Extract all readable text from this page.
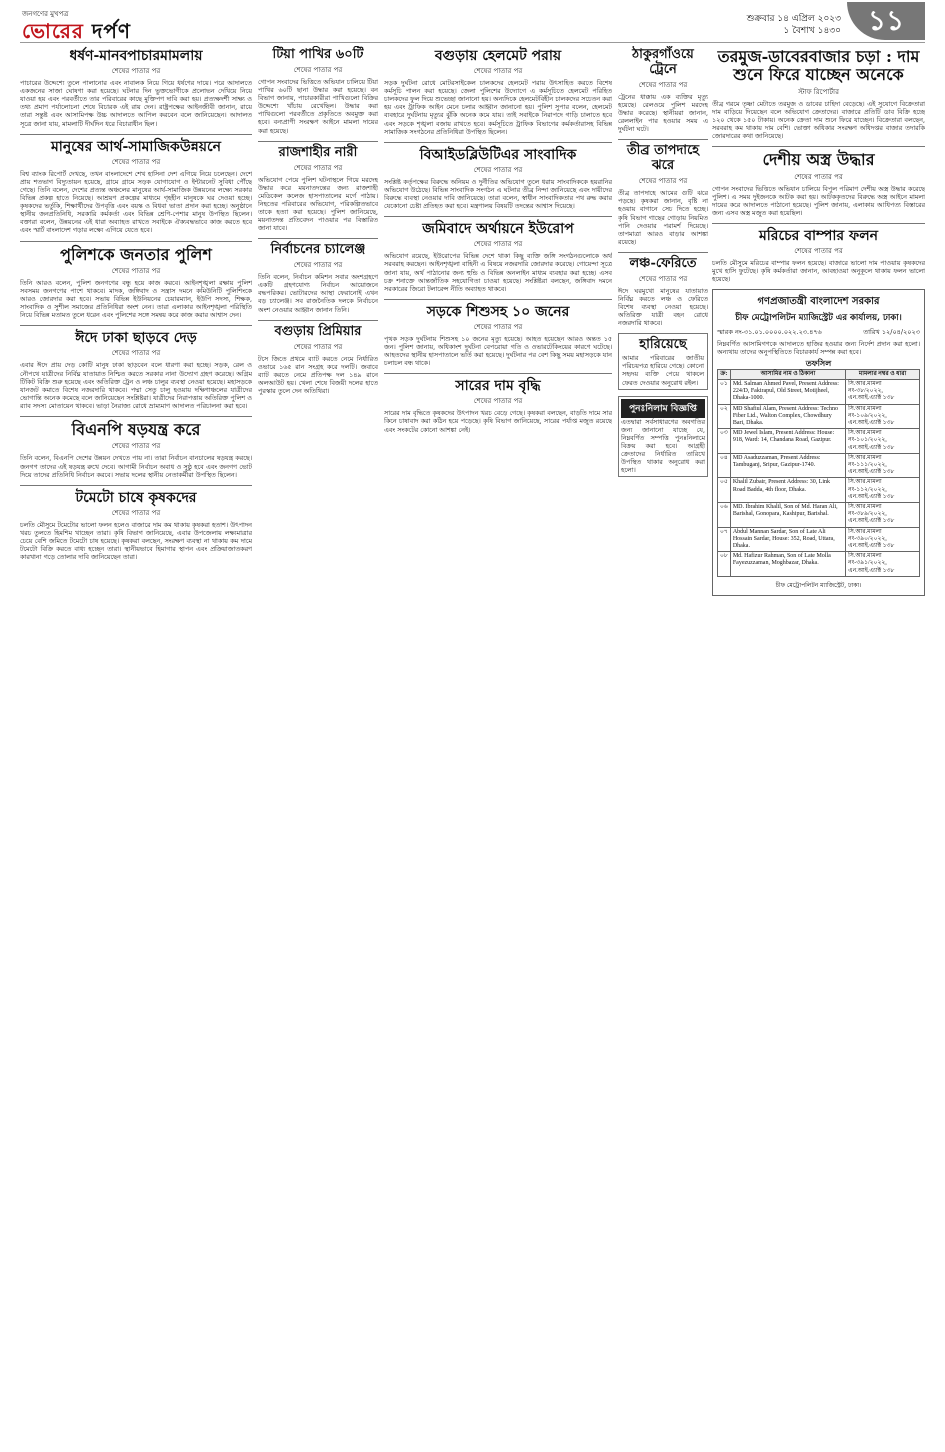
জনগণের মুখপত্র
ভোরের দর্পণ	শুক্রবার ১৪ এপ্রিল ২০২৩
১ বৈশাখ ১৪৩০ ১১
ধর্ষণ-মানবপাচারমামলায়
শেষের পাতার পর
পাচারের উদ্দেশ্যে তুলে পালানোর এবং নাবালক নিয়ে গিয়ে ধর্ষণের দায়ে। পরে আদালতে একজনের সাজা ঘোষণা করা হয়েছে। ঘটনার দিন ভুক্তভোগীকে প্রলোভন দেখিয়ে নিয়ে যাওয়া হয় এবং পরবর্তীতে তার পরিবারের কাছে মুক্তিপণ দাবি করা হয়। প্রত্যক্ষদর্শী সাক্ষ্য ও তথ্য প্রমাণ পর্যালোচনা শেষে বিচারক এই রায় দেন। রাষ্ট্রপক্ষের আইনজীবী জানান, রায়ে তারা সন্তুষ্ট এবং আসামিপক্ষ উচ্চ আদালতে আপিল করবেন বলে জানিয়েছেন। আদালত সূত্রে জানা যায়, মামলাটি দীর্ঘদিন ধরে বিচারাধীন ছিল।
মানুষের আর্থ-সামাজিকউন্নয়নে
শেষের পাতার পর
বিশ্ব ব্যাংক রিপোর্ট দেখছে, তখন বাংলাদেশে শেখ হাসিনা দেশ এগিয়ে নিয়ে চলেছেন। দেশে প্রায় শতভাগ বিদ্যুতায়ন হয়েছে, গ্রামে গ্রামে সড়ক যোগাযোগ ও ইন্টারনেট সুবিধা পৌঁছে গেছে। তিনি বলেন, দেশের প্রত্যন্ত অঞ্চলের মানুষের আর্থ-সামাজিক উন্নয়নের লক্ষ্যে সরকার বিভিন্ন প্রকল্প হাতে নিয়েছে। আশ্রয়ণ প্রকল্পের মাধ্যমে গৃহহীন মানুষকে ঘর দেওয়া হচ্ছে। কৃষকদের ভর্তুকি, শিক্ষার্থীদের উপবৃত্তি এবং বয়স্ক ও বিধবা ভাতা প্রদান করা হচ্ছে। অনুষ্ঠানে স্থানীয় জনপ্রতিনিধি, সরকারি কর্মকর্তা এবং বিভিন্ন শ্রেণি-পেশার মানুষ উপস্থিত ছিলেন। বক্তারা বলেন, উন্নয়নের এই ধারা অব্যাহত রাখতে সবাইকে ঐক্যবদ্ধভাবে কাজ করতে হবে এবং স্মার্ট বাংলাদেশ গড়ার লক্ষ্যে এগিয়ে যেতে হবে।
পুলিশকে জনতার পুলিশ
শেষের পাতার পর
তিনি আরও বলেন, পুলিশ জনগণের বন্ধু হয়ে কাজ করবে। আইনশৃঙ্খলা রক্ষায় পুলিশ সবসময় জনগণের পাশে থাকবে। মাদক, জঙ্গিবাদ ও সন্ত্রাস দমনে কমিউনিটি পুলিশিংকে আরও জোরদার করা হবে। সভায় বিভিন্ন ইউনিয়নের চেয়ারম্যান, ইউপি সদস্য, শিক্ষক, সাংবাদিক ও সুশীল সমাজের প্রতিনিধিরা অংশ নেন। তারা এলাকার আইনশৃঙ্খলা পরিস্থিতি নিয়ে বিভিন্ন মতামত তুলে ধরেন এবং পুলিশের সঙ্গে সমন্বয় করে কাজ করার আশ্বাস দেন।
ঈদে ঢাকা ছাড়বে দেড়
শেষের পাতার পর
এবার ঈদে প্রায় দেড় কোটি মানুষ ঢাকা ছাড়বেন বলে ধারণা করা হচ্ছে। সড়ক, রেল ও নৌপথে যাত্রীদের নির্বিঘ্ন যাতায়াত নিশ্চিত করতে সরকার নানা উদ্যোগ গ্রহণ করেছে। অগ্রিম টিকিট বিক্রি শুরু হয়েছে এবং অতিরিক্ত ট্রেন ও লঞ্চ চালুর ব্যবস্থা নেওয়া হয়েছে। মহাসড়কে যানজট কমাতে বিশেষ নজরদারি থাকবে। পদ্মা সেতু চালু হওয়ায় দক্ষিণাঞ্চলের যাত্রীদের ভোগান্তি অনেক কমেছে বলে জানিয়েছেন সংশ্লিষ্টরা। যাত্রীদের নিরাপত্তায় অতিরিক্ত পুলিশ ও র‍্যাব সদস্য মোতায়েন থাকবে। ভাড়া নৈরাজ্য রোধে ভ্রাম্যমাণ আদালত পরিচালনা করা হবে।
বিএনপি ষড়যন্ত্র করে
শেষের পাতার পর
তিনি বলেন, বিএনপি দেশের উন্নয়ন দেখতে পায় না। তারা নির্বাচন বানচালের ষড়যন্ত্র করছে। জনগণ তাদের এই ষড়যন্ত্র রুখে দেবে। আগামী নির্বাচন অবাধ ও সুষ্ঠু হবে এবং জনগণ ভোট দিয়ে তাদের প্রতিনিধি নির্বাচন করবে। সভায় দলের স্থানীয় নেতাকর্মীরা উপস্থিত ছিলেন।
টমেটো চাষে কৃষকদের
শেষের পাতার পর
চলতি মৌসুমে টমেটোর ভালো ফলন হলেও বাজারে দাম কম থাকায় কৃষকরা হতাশ। উৎপাদন খরচ তুলতে হিমশিম খাচ্ছেন তারা। কৃষি বিভাগ জানিয়েছে, এবার উপজেলায় লক্ষ্যমাত্রার চেয়ে বেশি জমিতে টমেটো চাষ হয়েছে। কৃষকরা বলছেন, সংরক্ষণ ব্যবস্থা না থাকায় কম দামে টমেটো বিক্রি করতে বাধ্য হচ্ছেন তারা। স্থানীয়ভাবে হিমাগার স্থাপন এবং প্রক্রিয়াজাতকরণ কারখানা গড়ে তোলার দাবি জানিয়েছেন তারা।
টিয়া পাখির ৬০টি
শেষের পাতার পর
গোপন সংবাদের ভিত্তিতে অভিযান চালিয়ে টিয়া পাখির ৬০টি ছানা উদ্ধার করা হয়েছে। বন বিভাগ জানায়, পাচারকারীরা পাখিগুলো বিক্রির উদ্দেশ্যে খাঁচায় রেখেছিল। উদ্ধার করা পাখিগুলো পরবর্তীতে প্রকৃতিতে অবমুক্ত করা হবে। বন্যপ্রাণী সংরক্ষণ আইনে মামলা দায়ের করা হয়েছে।
রাজশাহীর নারী
শেষের পাতার পর
অভিযোগ পেয়ে পুলিশ ঘটনাস্থলে গিয়ে মরদেহ উদ্ধার করে ময়নাতদন্তের জন্য রাজশাহী মেডিকেল কলেজ হাসপাতালের মর্গে পাঠায়। নিহতের পরিবারের অভিযোগ, পরিকল্পিতভাবে তাকে হত্যা করা হয়েছে। পুলিশ জানিয়েছে, ময়নাতদন্ত প্রতিবেদন পাওয়ার পর বিস্তারিত জানা যাবে।
নির্বাচনের চ্যালেঞ্জ
শেষের পাতার পর
তিনি বলেন, নির্বাচন কমিশন সবার অংশগ্রহণে একটি গ্রহণযোগ্য নির্বাচন আয়োজনে বদ্ধপরিকর। ভোটারদের আস্থা ফেরানোই এখন বড় চ্যালেঞ্জ। সব রাজনৈতিক দলকে নির্বাচনে অংশ নেওয়ার আহ্বান জানান তিনি।
বগুড়ায় প্রিমিয়ার
শেষের পাতার পর
টসে জিতে প্রথমে ব্যাট করতে নেমে নির্ধারিত ওভারে ১৬৫ রান সংগ্রহ করে দলটি। জবাবে ব্যাট করতে নেমে প্রতিপক্ষ দল ১৪৯ রানে অলআউট হয়। খেলা শেষে বিজয়ী দলের হাতে পুরস্কার তুলে দেন অতিথিরা।
বগুড়ায় হেলমেট পরায়
শেষের পাতার পর
সড়ক দুর্ঘটনা রোধে মোটরসাইকেল চালকদের হেলমেট পরায় উৎসাহিত করতে বিশেষ কর্মসূচি পালন করা হয়েছে। জেলা পুলিশের উদ্যোগে এ কর্মসূচিতে হেলমেট পরিহিত চালকদের ফুল দিয়ে শুভেচ্ছা জানানো হয়। অন্যদিকে হেলমেটবিহীন চালকদের সচেতন করা হয় এবং ট্রাফিক আইন মেনে চলার আহ্বান জানানো হয়। পুলিশ সুপার বলেন, হেলমেট ব্যবহারে দুর্ঘটনায় মৃত্যুর ঝুঁকি অনেক কমে যায়। তাই সবাইকে নিরাপদে গাড়ি চালাতে হবে এবং সড়কে শৃঙ্খলা বজায় রাখতে হবে। কর্মসূচিতে ট্রাফিক বিভাগের কর্মকর্তারাসহ বিভিন্ন সামাজিক সংগঠনের প্রতিনিধিরা উপস্থিত ছিলেন।
বিআইডব্লিউটিএর সাংবাদিক
শেষের পাতার পর
সংশ্লিষ্ট কর্তৃপক্ষের বিরুদ্ধে অনিয়ম ও দুর্নীতির অভিযোগ তুলে ধরায় সাংবাদিককে হয়রানির অভিযোগ উঠেছে। বিভিন্ন সাংবাদিক সংগঠন এ ঘটনার তীব্র নিন্দা জানিয়েছে এবং দায়ীদের বিরুদ্ধে ব্যবস্থা নেওয়ার দাবি জানিয়েছে। তারা বলেন, স্বাধীন সাংবাদিকতার পথ রুদ্ধ করার যেকোনো চেষ্টা প্রতিহত করা হবে। মন্ত্রণালয় বিষয়টি তদন্তের আশ্বাস দিয়েছে।
জমিবাদে অর্থায়নে ইউরোপ
শেষের পাতার পর
অভিযোগ রয়েছে, ইউরোপের বিভিন্ন দেশে থাকা কিছু ব্যক্তি জঙ্গি সংগঠনগুলোকে অর্থ সরবরাহ করছেন। আইনশৃঙ্খলা বাহিনী এ বিষয়ে নজরদারি জোরদার করেছে। গোয়েন্দা সূত্রে জানা যায়, অর্থ পাঠানোর জন্য হুন্ডি ও বিভিন্ন অনলাইন মাধ্যম ব্যবহার করা হচ্ছে। এসব চক্র শনাক্তে আন্তর্জাতিক সহযোগিতা চাওয়া হয়েছে। সংশ্লিষ্টরা বলছেন, জঙ্গিবাদ দমনে সরকারের জিরো টলারেন্স নীতি অব্যাহত থাকবে।
সড়কে শিশুসহ ১০ জনের
শেষের পাতার পর
পৃথক সড়ক দুর্ঘটনায় শিশুসহ ১০ জনের মৃত্যু হয়েছে। আহত হয়েছেন আরও অন্তত ১৫ জন। পুলিশ জানায়, অধিকাংশ দুর্ঘটনা বেপরোয়া গতি ও ওভারটেকিংয়ের কারণে ঘটেছে। আহতদের স্থানীয় হাসপাতালে ভর্তি করা হয়েছে। দুর্ঘটনার পর বেশ কিছু সময় মহাসড়কে যান চলাচল বন্ধ থাকে।
সারের দাম বৃদ্ধি
শেষের পাতার পর
সারের দাম বৃদ্ধিতে কৃষকদের উৎপাদন খরচ বেড়ে গেছে। কৃষকরা বলছেন, বাড়তি দামে সার কিনে চাষাবাদ করা কঠিন হয়ে পড়েছে। কৃষি বিভাগ জানিয়েছে, সারের পর্যাপ্ত মজুত রয়েছে এবং সংকটের কোনো আশঙ্কা নেই।
ঠাকুরগাঁওয়ে ট্রেনে
শেষের পাতার পর
ট্রেনের ধাক্কায় এক ব্যক্তির মৃত্যু হয়েছে। রেলওয়ে পুলিশ মরদেহ উদ্ধার করেছে। স্থানীয়রা জানান, রেললাইন পার হওয়ার সময় এ দুর্ঘটনা ঘটে।
তীব্র তাপদাহে ঝরে
শেষের পাতার পর
তীব্র তাপদাহে আমের গুটি ঝরে পড়ছে। কৃষকরা জানান, বৃষ্টি না হওয়ায় বাগানে সেচ দিতে হচ্ছে। কৃষি বিভাগ গাছের গোড়ায় নিয়মিত পানি দেওয়ার পরামর্শ দিয়েছে। তাপমাত্রা আরও বাড়ার আশঙ্কা রয়েছে।
লঞ্চ-ফেরিতে
শেষের পাতার পর
ঈদে ঘরমুখো মানুষের যাতায়াত নির্বিঘ্ন করতে লঞ্চ ও ফেরিতে বিশেষ ব্যবস্থা নেওয়া হয়েছে। অতিরিক্ত যাত্রী বহন রোধে নজরদারি থাকবে।
হারিয়েছে
আমার পরিবারের জাতীয় পরিচয়পত্র হারিয়ে গেছে। কোনো সহৃদয় ব্যক্তি পেয়ে থাকলে ফেরত দেওয়ার অনুরোধ রইল।
পুনঃনিলাম বিজ্ঞপ্তি
এতদ্বারা সর্বসাধারণের অবগতির জন্য জানানো যাচ্ছে যে, নিম্নবর্ণিত সম্পত্তি পুনঃনিলামে বিক্রয় করা হবে। আগ্রহী ক্রেতাদের নির্ধারিত তারিখে উপস্থিত থাকার অনুরোধ করা হলো।
তরমুজ-ডাবেরবাজার চড়া : দাম শুনে ফিরে যাচ্ছেন অনেকে
স্টাফ রিপোর্টার
তীব্র গরমে তৃষ্ণা মেটাতে তরমুজ ও ডাবের চাহিদা বেড়েছে। এই সুযোগে বিক্রেতারা দাম বাড়িয়ে দিয়েছেন বলে অভিযোগ ক্রেতাদের। বাজারে প্রতিটি ডাব বিক্রি হচ্ছে ১২০ থেকে ১৫০ টাকায়। অনেক ক্রেতা দাম শুনে ফিরে যাচ্ছেন। বিক্রেতারা বলছেন, সরবরাহ কম থাকায় দাম বেশি। ভোক্তা অধিকার সংরক্ষণ অধিদপ্তর বাজার তদারকি জোরদারের কথা জানিয়েছে।
দেশীয় অস্ত্র উদ্ধার
শেষের পাতার পর
গোপন সংবাদের ভিত্তিতে অভিযান চালিয়ে বিপুল পরিমাণ দেশীয় অস্ত্র উদ্ধার করেছে পুলিশ। এ সময় দুইজনকে আটক করা হয়। আটককৃতদের বিরুদ্ধে অস্ত্র আইনে মামলা দায়ের করে আদালতে পাঠানো হয়েছে। পুলিশ জানায়, এলাকায় আধিপত্য বিস্তারের জন্য এসব অস্ত্র মজুত করা হয়েছিল।
মরিচের বাম্পার ফলন
শেষের পাতার পর
চলতি মৌসুমে মরিচের বাম্পার ফলন হয়েছে। বাজারে ভালো দাম পাওয়ায় কৃষকদের মুখে হাসি ফুটেছে। কৃষি কর্মকর্তারা জানান, আবহাওয়া অনুকূলে থাকায় ফলন ভালো হয়েছে।
গণপ্রজাতন্ত্রী বাংলাদেশ সরকার
চীফ মেট্রোপলিটন ম্যাজিস্ট্রেট এর কার্যালয়, ঢাকা।
স্মারক নং-৩১.০১.০০০০.০২২.২৩.৪৭৬	তারিখ ১২/০৪/২০২৩
নিম্নবর্ণিত আসামিগণকে আদালতে হাজির হওয়ার জন্য নির্দেশ প্রদান করা হলো। অন্যথায় তাদের অনুপস্থিতিতে বিচারকার্য সম্পন্ন করা হবে।
তফসিল
ক্র:	আসামির নাম ও ঠিকানা	মামলার নম্বর ও ধারা
০১	Md. Salman Ahmed Pavel, Present Address: 224/D, Fakirapul, Old Street, Motijheel, Dhaka-1000.	সি.আর.মামলা নং-৩৮/২০২২, এন.আই.এ্যাক্ট ১৩৮
০২	MD Shafiul Alam, Present Address: Techno Fiber Ltd., Walton Complex, Chowdhury Bari, Dhaka.	সি.আর.মামলা নং-১০৯/২০২২, এন.আই.এ্যাক্ট ১৩৮
০৩	MD Jewel Islam, Present Address: House: 918, Ward: 14, Chandana Road, Gazipur.	সি.আর.মামলা নং-১০১/২০২২, এন.আই.এ্যাক্ট ১৩৮
০৪	MD Asaduzzaman, Present Address: Tambuganj, Sripur, Gazipur-1740.	সি.আর.মামলা নং-১১১/২০২২, এন.আই.এ্যাক্ট ১৩৮
০৫	Khalil Zubair, Present Address: 30, Link Road Badda, 4th floor, Dhaka.	সি.আর.মামলা নং-১১২/২০২২, এন.আই.এ্যাক্ট ১৩৮
০৬	MD. Ibrahim Khalil, Son of Md. Haran Ali, Barishal, Gonopara, Kashipur, Barishal.	সি.আর.মামলা নং-৩৮৯/২০২২, এন.আই.এ্যাক্ট ১৩৮
০৭	Abdul Mannan Sardar, Son of Late Ali Hossain Sardar, House: 352, Road, Uttara, Dhaka.	সি.আর.মামলা নং-৩৯০/২০২২, এন.আই.এ্যাক্ট ১৩৮
০৮	Md. Hafizur Rahman, Son of Late Molla Fayezuzzaman, Moghbazar, Dhaka.	সি.আর.মামলা নং-৩৯১/২০২২, এন.আই.এ্যাক্ট ১৩৮
চীফ মেট্রোপলিটন ম্যাজিস্ট্রেট, ঢাকা।
